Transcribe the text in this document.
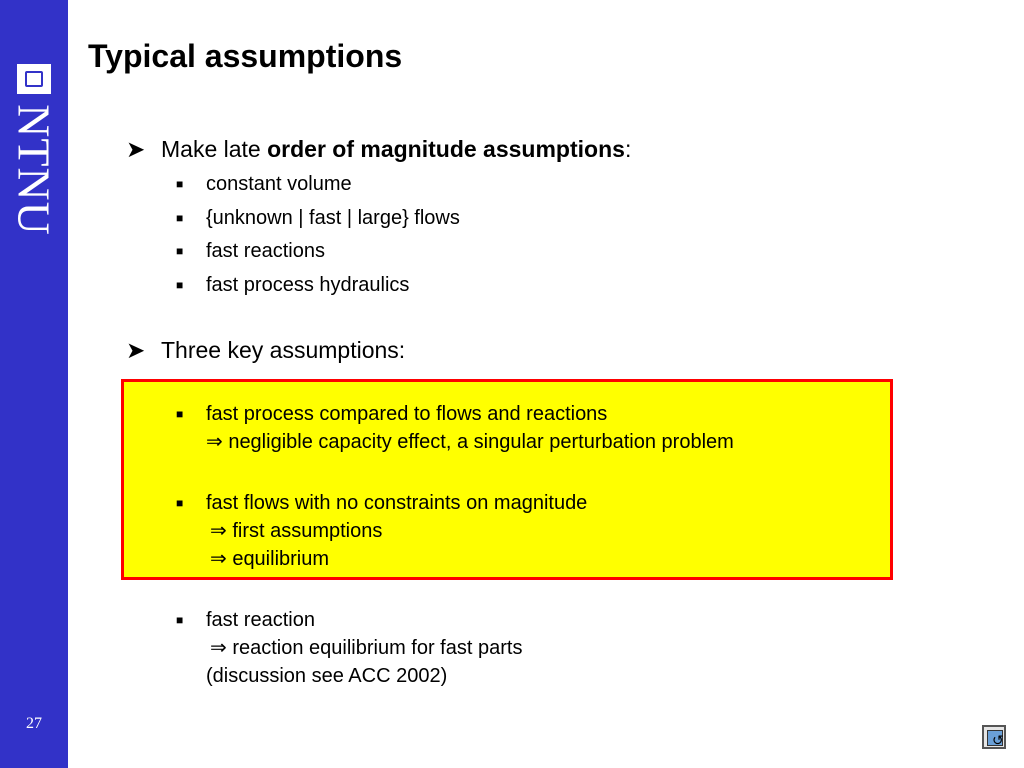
NTNU
27
Typical assumptions
➤ Make late order of magnitude assumptions:
■ constant volume
■ {unknown | fast | large} flows
■ fast reactions
■ fast process hydraulics
➤ Three key assumptions:
■ fast process compared to flows and reactions
⇒ negligible capacity effect, a singular perturbation problem
■ fast flows with no constraints on magnitude
⇒ first assumptions
⇒ equilibrium
■ fast reaction
⇒ reaction equilibrium for fast parts
(discussion see ACC 2002)
↺
